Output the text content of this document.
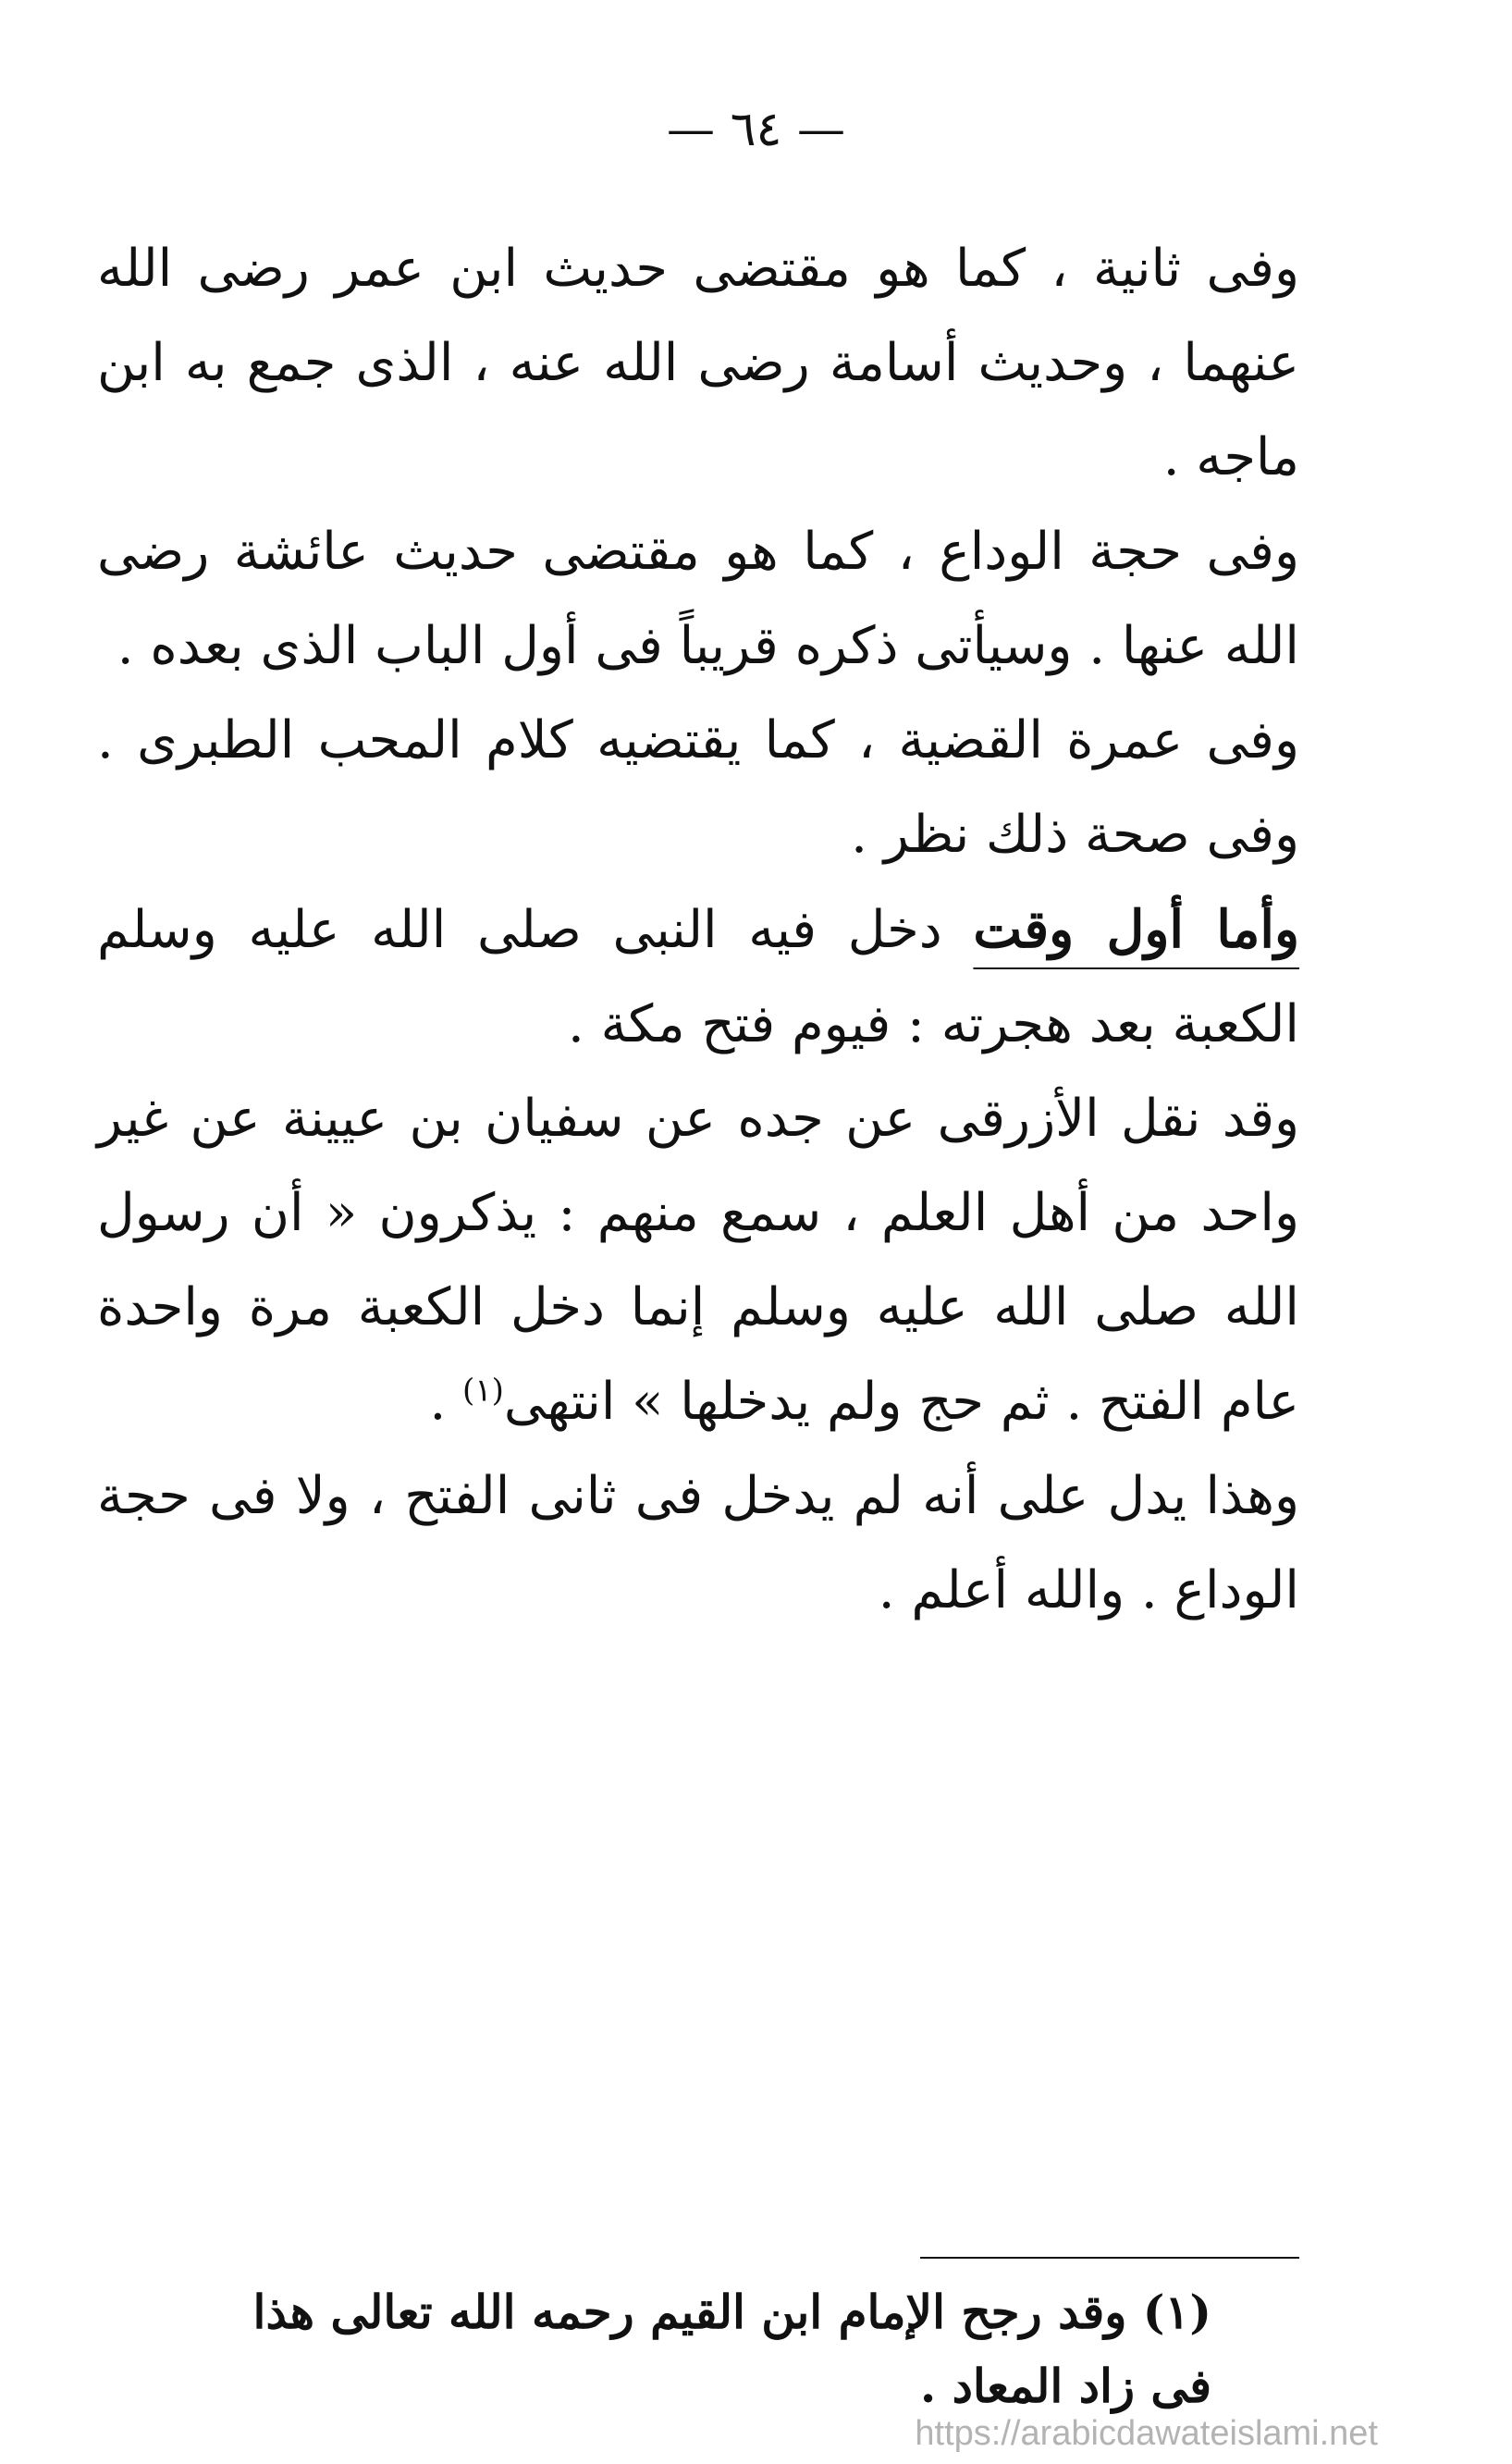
— ٦٤ —

وفى ثانية ، كما هو مقتضى حديث ابن عمر رضى الله عنهما ، وحديث أسامة رضى الله عنه ، الذى جمع به ابن ماجه .

وفى حجة الوداع ، كما هو مقتضى حديث عائشة رضى الله عنها . وسيأتى ذكره قريباً فى أول الباب الذى بعده .

وفى عمرة القضية ، كما يقتضيه كلام المحب الطبرى . وفى صحة ذلك نظر .

وأما أول وقت دخل فيه النبى صلى الله عليه وسلم الكعبة بعد هجرته : فيوم فتح مكة .

وقد نقل الأزرقى عن جده عن سفيان بن عيينة عن غير واحد من أهل العلم ، سمع منهم : يذكرون « أن رسول الله صلى الله عليه وسلم إنما دخل الكعبة مرة واحدة عام الفتح . ثم حج ولم يدخلها » انتهى$^{(١)}$ .

وهذا يدل على أنه لم يدخل فى ثانى الفتح ، ولا فى حجة الوداع . والله أعلم .

(١) وقد رجح الإمام ابن القيم رحمه الله تعالى هذا فى زاد المعاد .
https://arabicdawateislami.net
